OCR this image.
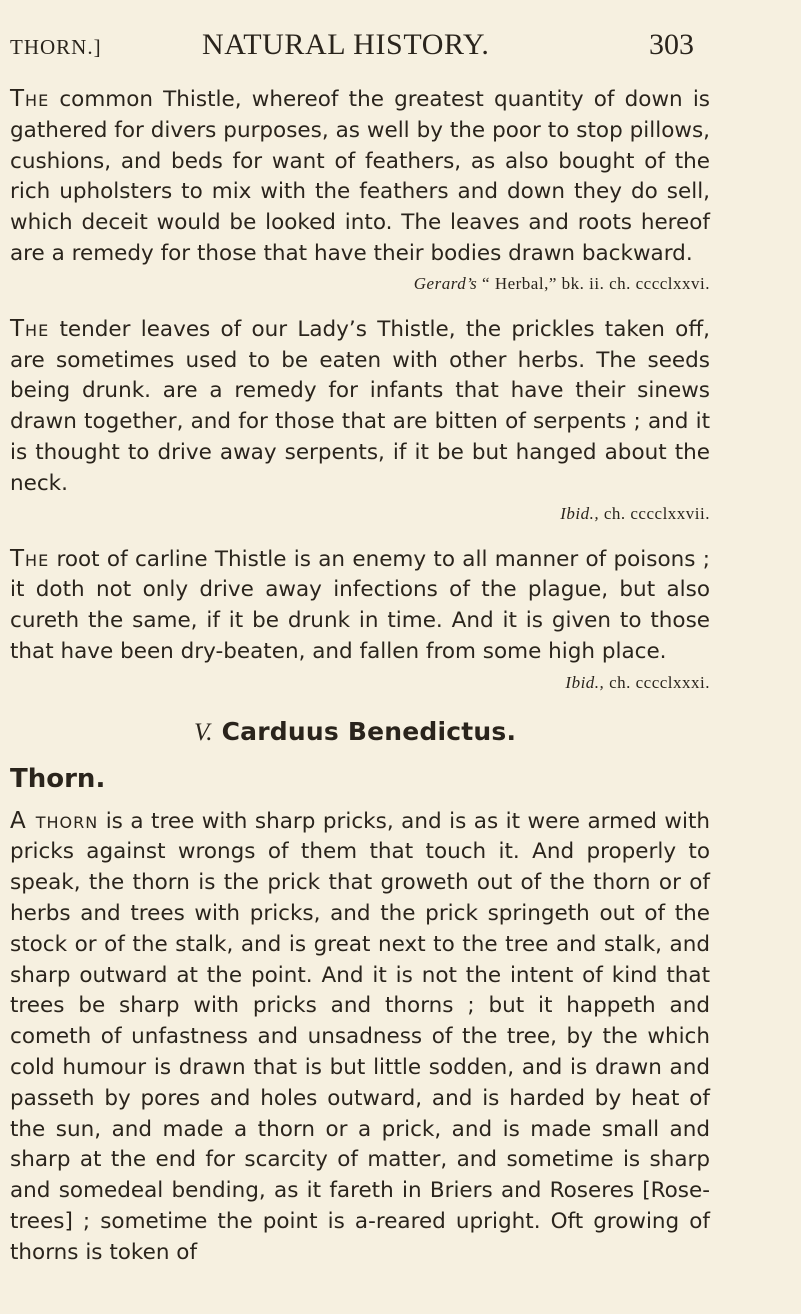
THORN.]	NATURAL HISTORY.	303

The common Thistle, whereof the greatest quantity of down is gathered for divers purposes, as well by the poor to stop pillows, cushions, and beds for want of feathers, as also bought of the rich upholsters to mix with the feathers and down they do sell, which deceit would be looked into. The leaves and roots hereof are a remedy for those that have their bodies drawn backward.

Gerard’s “ Herbal,” bk. ii. ch. cccclxxvi.

The tender leaves of our Lady’s Thistle, the prickles taken off, are sometimes used to be eaten with other herbs. The seeds being drunk. are a remedy for infants that have their sinews drawn together, and for those that are bitten of serpents ; and it is thought to drive away serpents, if it be but hanged about the neck.

Ibid., ch. cccclxxvii.

The root of carline Thistle is an enemy to all manner of poisons ; it doth not only drive away infections of the plague, but also cureth the same, if it be drunk in time. And it is given to those that have been dry-beaten, and fallen from some high place.
Ibid., ch. cccclxxxi.

V. Carduus Benedictus.
Thorn.

A thorn is a tree with sharp pricks, and is as it were armed with pricks against wrongs of them that touch it. And properly to speak, the thorn is the prick that groweth out of the thorn or of herbs and trees with pricks, and the prick springeth out of the stock or of the stalk, and is great next to the tree and stalk, and sharp outward at the point. And it is not the intent of kind that trees be sharp with pricks and thorns ; but it happeth and cometh of unfastness and unsadness of the tree, by the which cold humour is drawn that is but little sodden, and is drawn and passeth by pores and holes outward, and is harded by heat of the sun, and made a thorn or a prick, and is made small and sharp at the end for scarcity of matter, and sometime is sharp and somedeal bending, as it fareth in Briers and Roseres [Rose-trees] ; sometime the point is a-reared upright. Oft growing of thorns is token of
